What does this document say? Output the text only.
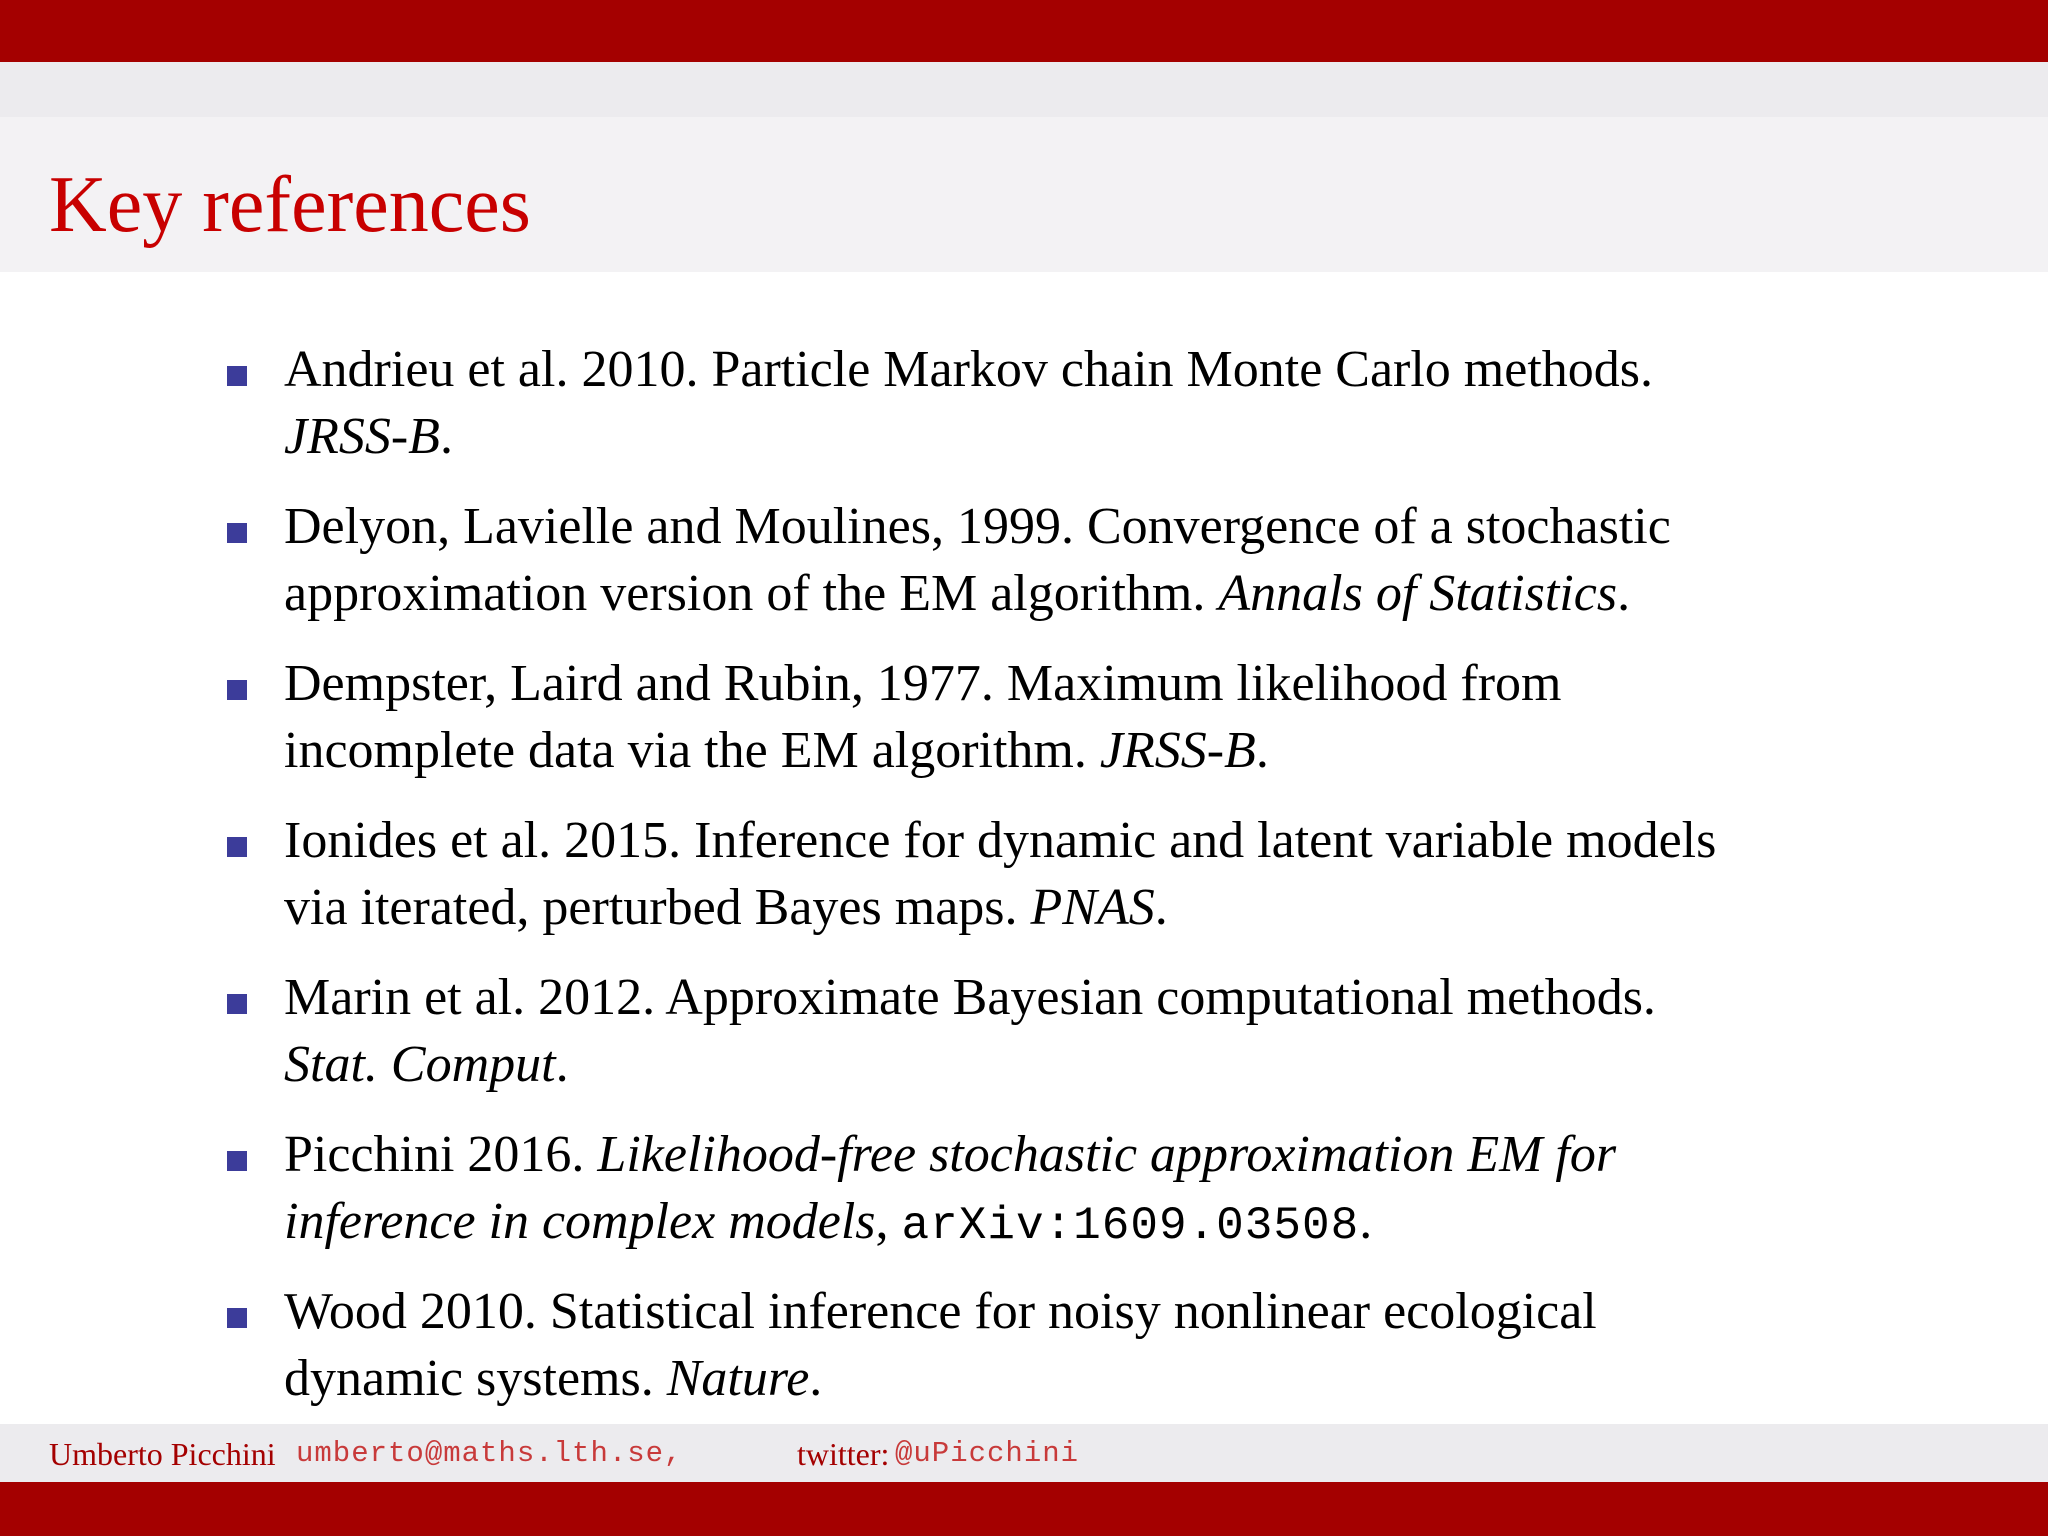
Key references
Andrieu et al. 2010. Particle Markov chain Monte Carlo methods.
JRSS-B.
Delyon, Lavielle and Moulines, 1999. Convergence of a stochastic
approximation version of the EM algorithm. Annals of Statistics.
Dempster, Laird and Rubin, 1977. Maximum likelihood from
incomplete data via the EM algorithm. JRSS-B.
Ionides et al. 2015. Inference for dynamic and latent variable models
via iterated, perturbed Bayes maps. PNAS.
Marin et al. 2012. Approximate Bayesian computational methods.
Stat. Comput.
Picchini 2016. Likelihood-free stochastic approximation EM for
inference in complex models, arXiv:1609.03508.
Wood 2010. Statistical inference for noisy nonlinear ecological
dynamic systems. Nature.
Umberto Picchini umberto@maths.lth.se,	twitter: @uPicchini
